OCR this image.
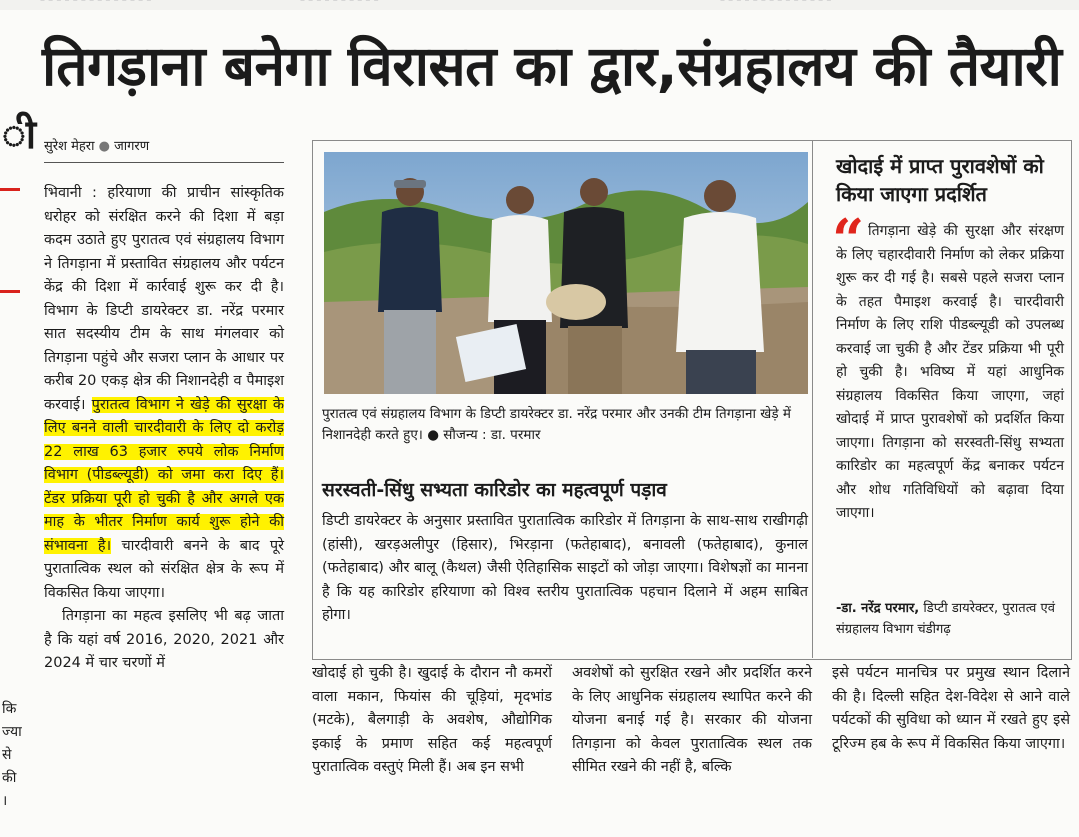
– – – – – – – – – – – – – –	– – – – – – – – – –	– – – – – – – – – – – – – –
तिगड़ाना बनेगा विरासत का द्वार,संग्रहालय की तैयारी
ी
कि
ज्या
से
की
।
सुरेश मेहरा ● जागरण

भिवानी : हरियाणा की प्राचीन सांस्कृतिक धरोहर को संरक्षित करने की दिशा में बड़ा कदम उठाते हुए पुरातत्व एवं संग्रहालय विभाग ने तिगड़ाना में प्रस्तावित संग्रहालय और पर्यटन केंद्र की दिशा में कार्रवाई शुरू कर दी है। विभाग के डिप्टी डायरेक्टर डा. नरेंद्र परमार सात सदस्यीय टीम के साथ मंगलवार को तिगड़ाना पहुंचे और सजरा प्लान के आधार पर करीब 20 एकड़ क्षेत्र की निशानदेही व पैमाइश करवाई। पुरातत्व विभाग ने खेड़े की सुरक्षा के लिए बनने वाली चारदीवारी के लिए दो करोड़ 22 लाख 63 हजार रुपये लोक निर्माण विभाग (पीडब्ल्यूडी) को जमा करा दिए हैं। टेंडर प्रक्रिया पूरी हो चुकी है और अगले एक माह के भीतर निर्माण कार्य शुरू होने की संभावना है। चारदीवारी बनने के बाद पूरे पुरातात्विक स्थल को संरक्षित क्षेत्र के रूप में विकसित किया जाएगा।

तिगड़ाना का महत्व इसलिए भी बढ़ जाता है कि यहां वर्ष 2016, 2020, 2021 और 2024 में चार चरणों में

पुरातत्व एवं संग्रहालय विभाग के डिप्टी डायरेक्टर डा. नरेंद्र परमार और उनकी टीम तिगड़ाना खेड़े में निशानदेही करते हुए। ● सौजन्य : डा. परमार
सरस्वती-सिंधु सभ्यता कारिडोर का महत्वपूर्ण पड़ाव
डिप्टी डायरेक्टर के अनुसार प्रस्तावित पुरातात्विक कारिडोर में तिगड़ाना के साथ-साथ राखीगढ़ी (हांसी), खरड़अलीपुर (हिसार), भिरड़ाना (फतेहाबाद), बनावली (फतेहाबाद), कुनाल (फतेहाबाद) और बालू (कैथल) जैसी ऐतिहासिक साइटों को जोड़ा जाएगा। विशेषज्ञों का मानना है कि यह कारिडोर हरियाणा को विश्व स्तरीय पुरातात्विक पहचान दिलाने में अहम साबित होगा।
खोदाई में प्राप्त पुरावशेषों को किया जाएगा प्रदर्शित
“ तिगड़ाना खेड़े की सुरक्षा और संरक्षण के लिए चहारदीवारी निर्माण को लेकर प्रक्रिया शुरू कर दी गई है। सबसे पहले सजरा प्लान के तहत पैमाइश करवाई है। चारदीवारी निर्माण के लिए राशि पीडब्ल्यूडी को उपलब्ध करवाई जा चुकी है और टेंडर प्रक्रिया भी पूरी हो चुकी है। भविष्य में यहां आधुनिक संग्रहालय विकसित किया जाएगा, जहां खोदाई में प्राप्त पुरावशेषों को प्रदर्शित किया जाएगा। तिगड़ाना को सरस्वती-सिंधु सभ्यता कारिडोर का महत्वपूर्ण केंद्र बनाकर पर्यटन और शोध गतिविधियों को बढ़ावा दिया जाएगा।
-डा. नरेंद्र परमार, डिप्टी डायरेक्टर, पुरातत्व एवं संग्रहालय विभाग चंडीगढ़
खोदाई हो चुकी है। खुदाई के दौरान नौ कमरों वाला मकान, फियांस की चूड़ियां, मृदभांड (मटके), बैलगाड़ी के अवशेष, औद्योगिक इकाई के प्रमाण सहित कई महत्वपूर्ण पुरातात्विक वस्तुएं मिली हैं। अब इन सभी
अवशेषों को सुरक्षित रखने और प्रदर्शित करने के लिए आधुनिक संग्रहालय स्थापित करने की योजना बनाई गई है। सरकार की योजना तिगड़ाना को केवल पुरातात्विक स्थल तक सीमित रखने की नहीं है, बल्कि
इसे पर्यटन मानचित्र पर प्रमुख स्थान दिलाने की है। दिल्ली सहित देश-विदेश से आने वाले पर्यटकों की सुविधा को ध्यान में रखते हुए इसे टूरिज्म हब के रूप में विकसित किया जाएगा।
